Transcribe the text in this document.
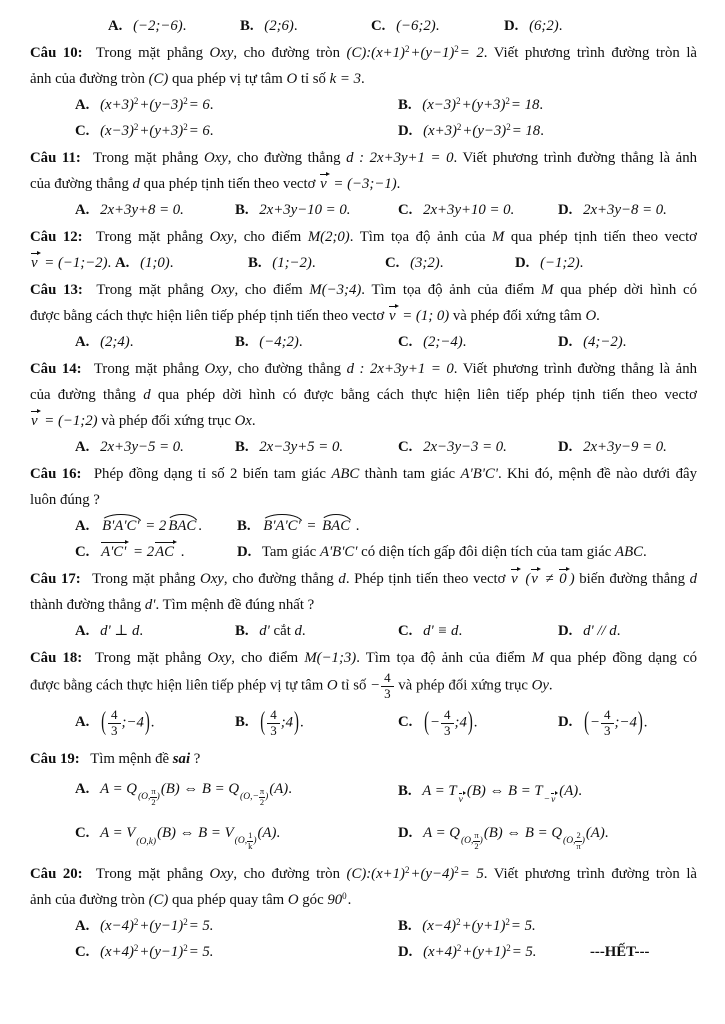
A. (−2;−6).	B. (2;6).	C. (−6;2).	D. (6;2).
Câu 10: Trong mặt phẳng Oxy, cho đường tròn $(C):(x+1)^2+(y-1)^2= 2$. Viết phương trình đường tròn là
ảnh của đường tròn (C) qua phép vị tự tâm O tỉ số k = 3.
A. $(x+3)^2+(y-3)^2= 6$.	B. $(x-3)^2+(y+3)^2= 18$.
C. $(x-3)^2+(y+3)^2= 6$.	D. $(x+3)^2+(y-3)^2= 18$.
Câu 11: Trong mặt phẳng Oxy, cho đường thẳng d : 2x+3y+1 = 0. Viết phương trình đường thẳng là ảnh
của đường thẳng d qua phép tịnh tiến theo vectơ v = (−3;−1).
A. 2x+3y+8 = 0.	B. 2x+3y−10 = 0.	C. 2x+3y+10 = 0.	D. 2x+3y−8 = 0.
Câu 12: Trong mặt phẳng Oxy, cho điểm M(2;0). Tìm tọa độ ảnh của M qua phép tịnh tiến theo vectơ
v = (−1;−2). A. (1;0).	B. (1;−2).	C. (3;2).	D. (−1;2).
Câu 13: Trong mặt phẳng Oxy, cho điểm M(−3;4). Tìm tọa độ ảnh của điểm M qua phép dời hình có
được bằng cách thực hiện liên tiếp phép tịnh tiến theo vectơ v = (1; 0) và phép đối xứng tâm O.
A. (2;4).	B. (−4;2).	C. (2;−4).	D. (4;−2).
Câu 14: Trong mặt phẳng Oxy, cho đường thẳng d : 2x+3y+1 = 0. Viết phương trình đường thẳng là ảnh
của đường thẳng d qua phép dời hình có được bằng cách thực hiện liên tiếp phép tịnh tiến theo vectơ
v = (−1;2) và phép đối xứng trục Ox.
A. 2x+3y−5 = 0.	B. 2x−3y+5 = 0.	C. 2x−3y−3 = 0.	D. 2x+3y−9 = 0.
Câu 16: Phép đồng dạng tỉ số 2 biến tam giác ABC thành tam giác A'B'C'. Khi đó, mệnh đề nào dưới đây
luôn đúng ?
A. B'A'C' = 2 BAC .	B. B'A'C' = BAC .
C. A'C' = 2AC .	D. Tam giác A'B'C' có diện tích gấp đôi diện tích của tam giác ABC.
Câu 17: Trong mặt phẳng Oxy, cho đường thẳng d. Phép tịnh tiến theo vectơ v (v ≠ 0 ) biến đường thẳng d
thành đường thẳng d'. Tìm mệnh đề đúng nhất ?
A. d' ⊥ d.	B. d' cắt d.	C. d' ≡ d.	D. d' // d.
Câu 18: Trong mặt phẳng Oxy, cho điểm M(−1;3). Tìm tọa độ ảnh của điểm M qua phép đồng dạng có
được bằng cách thực hiện liên tiếp phép vị tự tâm O tỉ số − $\frac{4}{3}$ và phép đối xứng trục Oy.
A. ( $\frac{4}{3}$ ;−4).	B. ( $\frac{4}{3}$ ;4).	C. (− $\frac{4}{3}$ ;4).	D. (− $\frac{4}{3}$ ;−4).
Câu 19: Tìm mệnh đề sai ?
A. A = Q(O, $\frac{\pi}{2} )(B)$ ⇔ $B = Q(O,- \frac{\pi}{2} )(A)$.	B. A = Tv(B) ⇔ B = T−v(A).
C. A = V(O,k)(B) ⇔ B = V(O, $\frac{1}{k} )(A)$.	D. A = Q(O, $\frac{\pi}{2} )(B)$ ⇔ B = Q(O, $\frac{2}{\pi} )(A)$.
Câu 20: Trong mặt phẳng Oxy, cho đường tròn $(C):(x+1)^2+(y-4)^2= 5$. Viết phương trình đường tròn là
ảnh của đường tròn (C) qua phép quay tâm O góc $90^0$.
A. $(x-4)^2+(y-1)^2= 5$.	B. $(x-4)^2+(y+1)^2= 5$.
C. $(x+4)^2+(y-1)^2= 5$.	D. $(x+4)^2+(y+1)^2= 5$.	---HẾT---
